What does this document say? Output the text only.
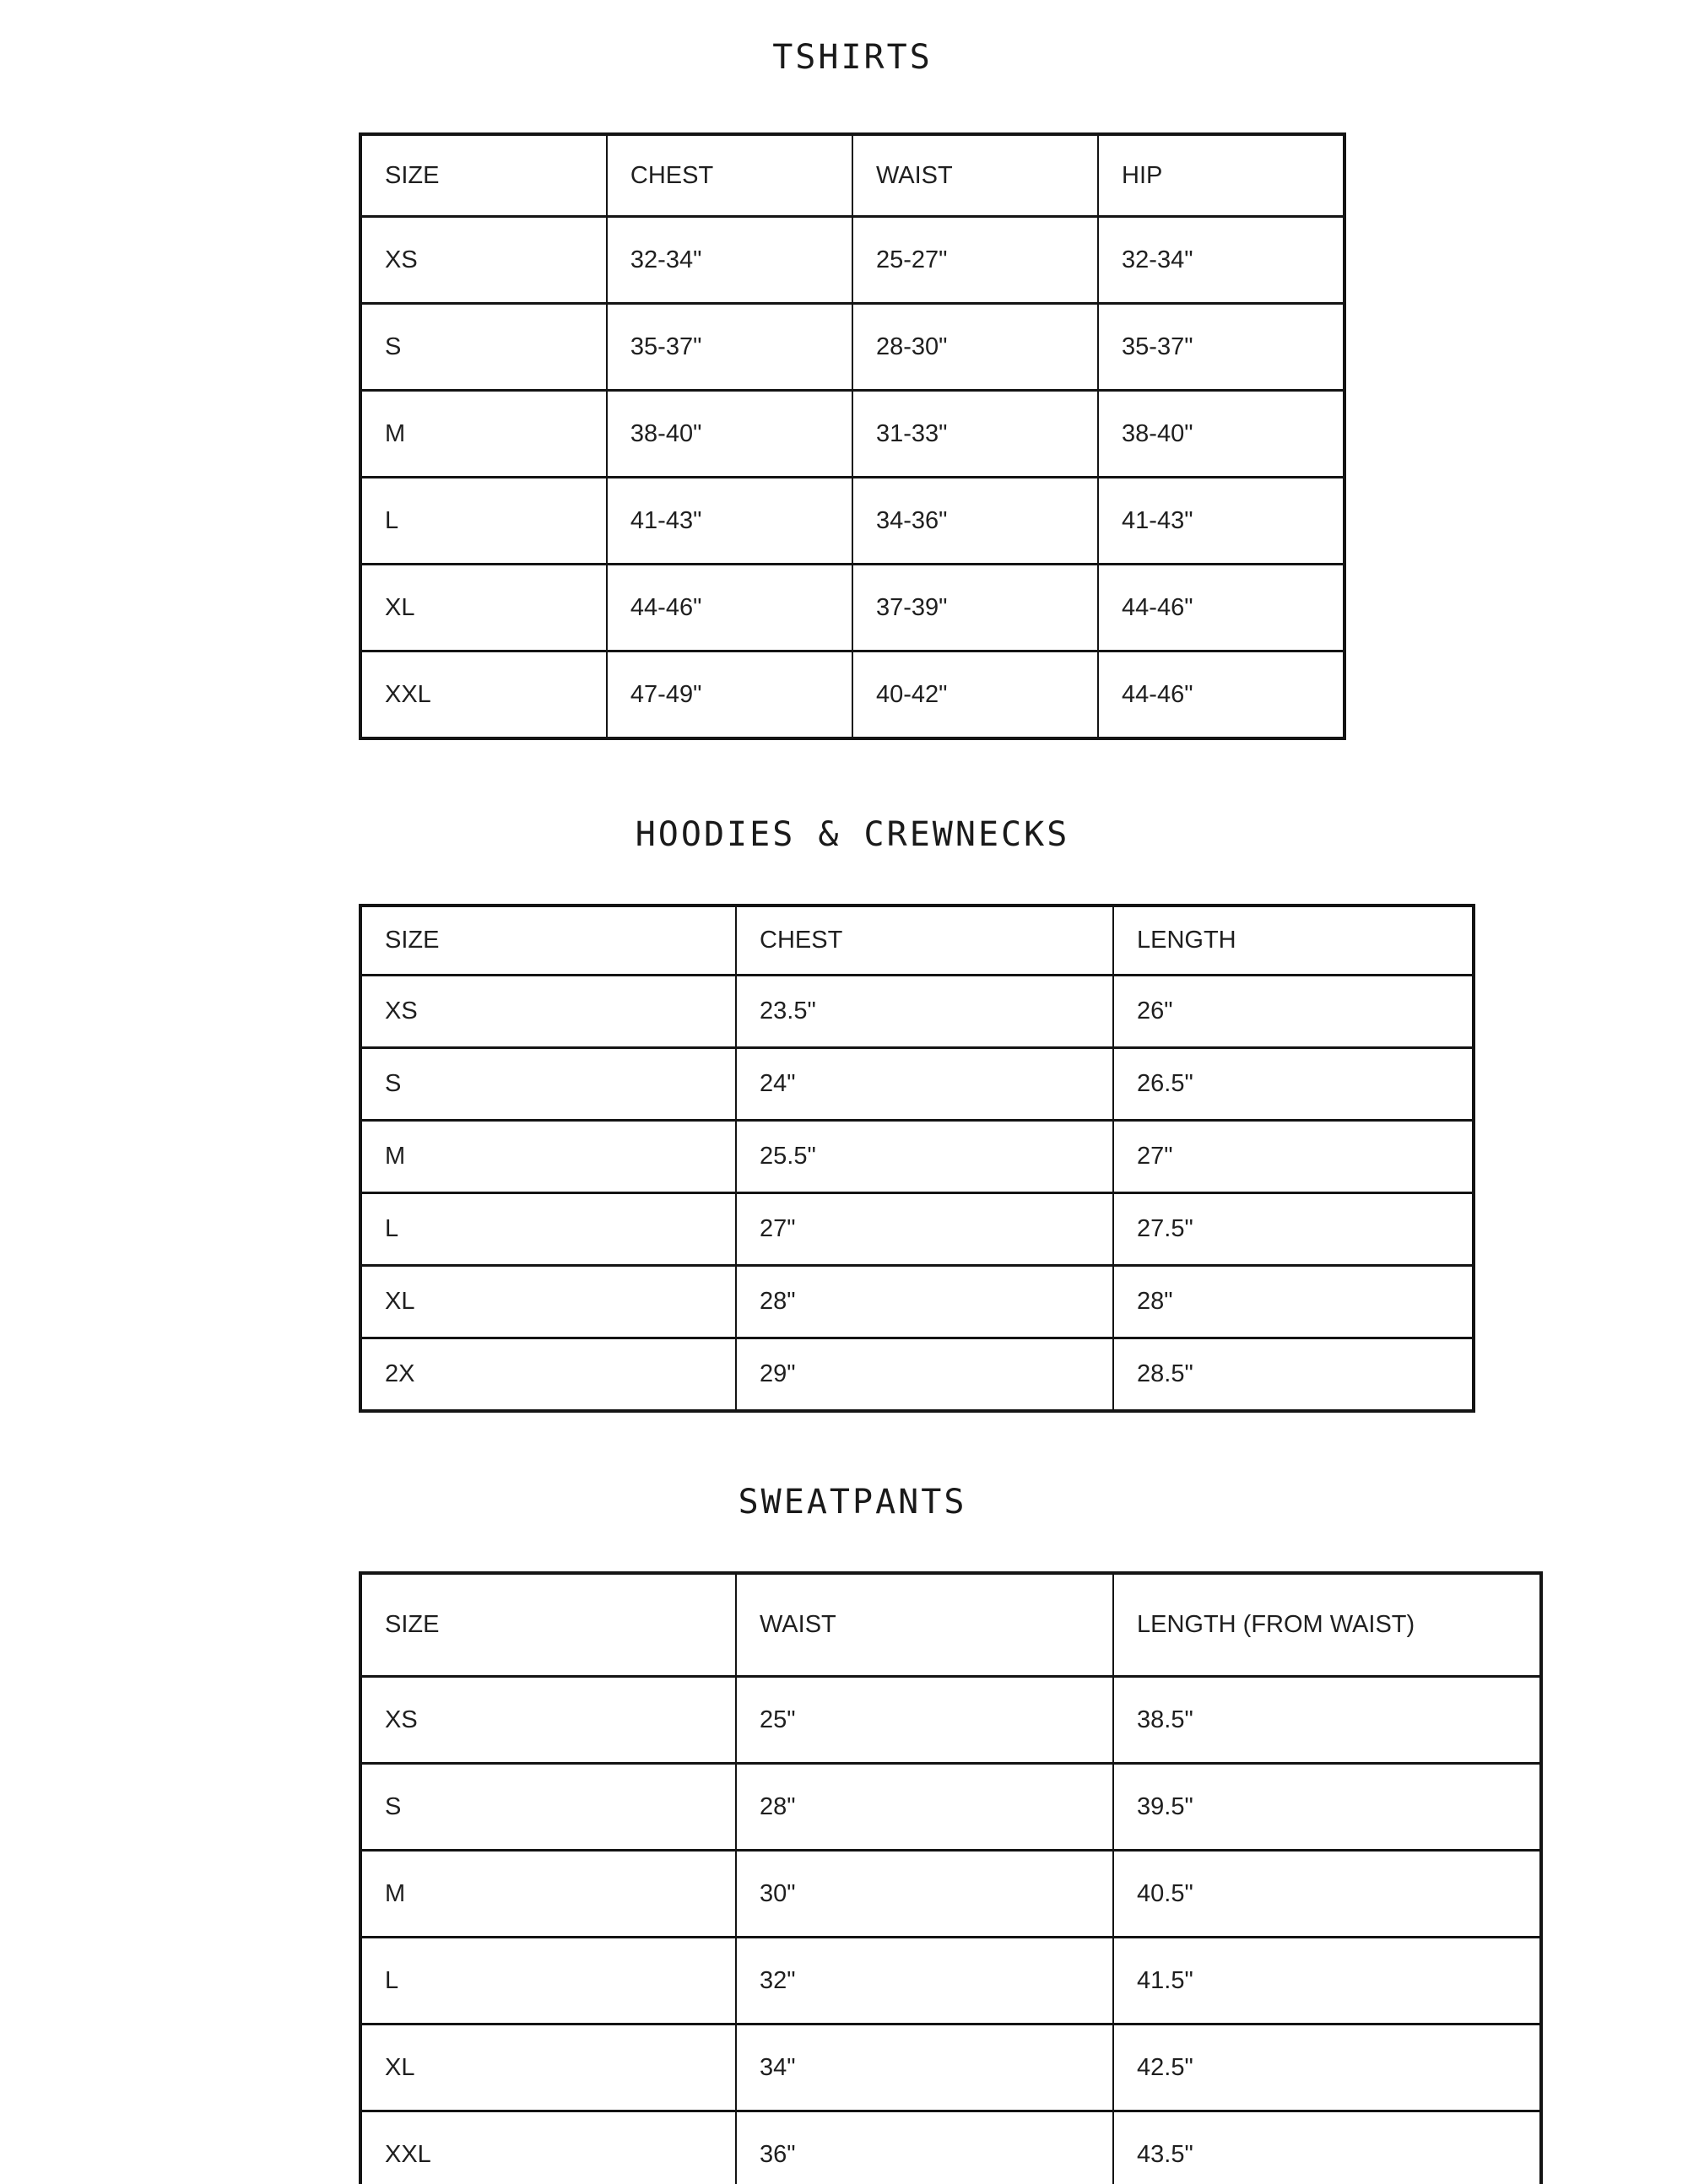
TSHIRTS
SIZE	CHEST	WAIST	HIP
XS	32-34"	25-27"	32-34"
S	35-37"	28-30"	35-37"
M	38-40"	31-33"	38-40"
L	41-43"	34-36"	41-43"
XL	44-46"	37-39"	44-46"
XXL	47-49"	40-42"	44-46"
HOODIES & CREWNECKS
SIZE	CHEST	LENGTH
XS	23.5"	26"
S	24"	26.5"
M	25.5"	27"
L	27"	27.5"
XL	28"	28"
2X	29"	28.5"
SWEATPANTS
SIZE	WAIST	LENGTH (FROM WAIST)
XS	25"	38.5"
S	28"	39.5"
M	30"	40.5"
L	32"	41.5"
XL	34"	42.5"
XXL	36"	43.5"
